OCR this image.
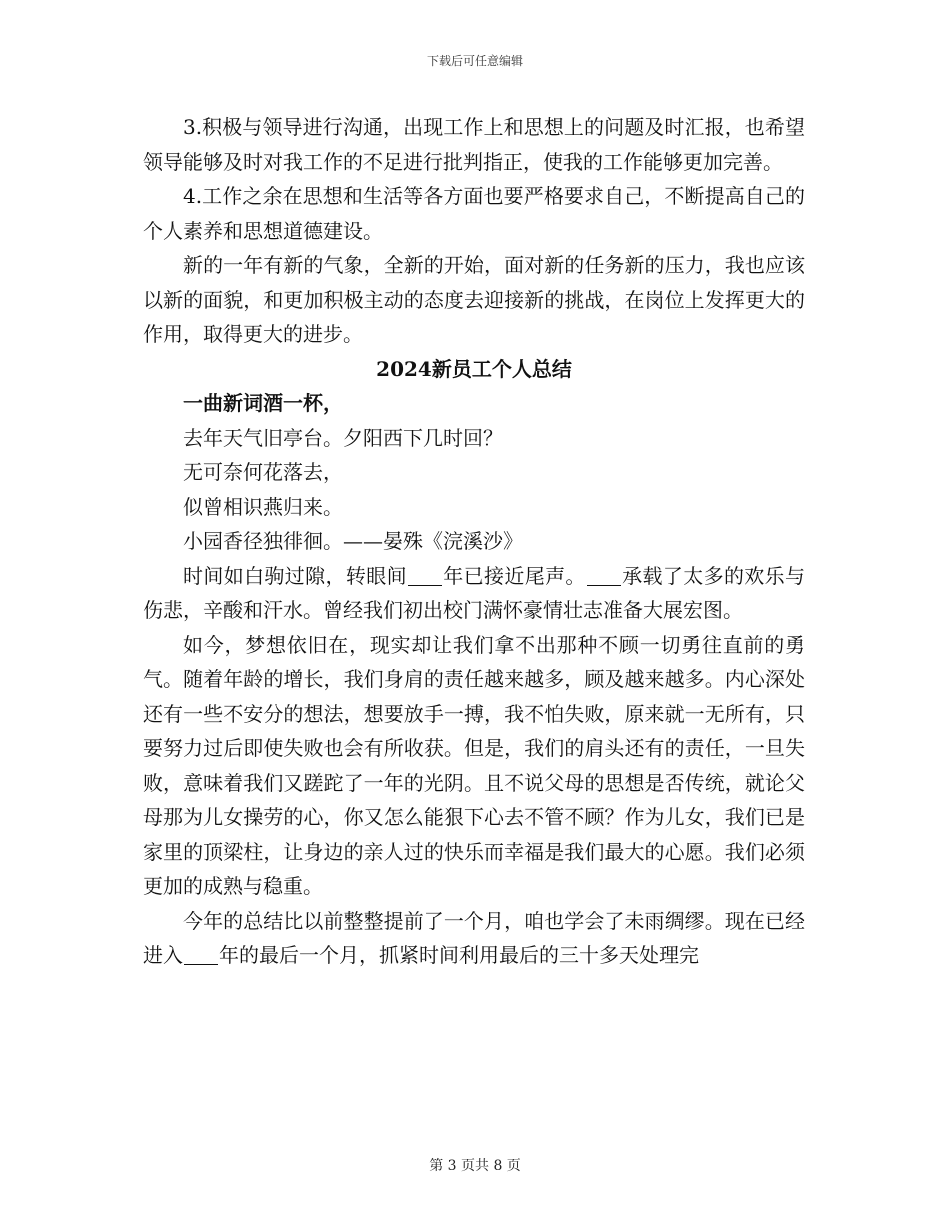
下载后可任意编辑

3.积极与领导进行沟通，出现工作上和思想上的问题及时汇报，也希望领导能够及时对我工作的不足进行批判指正，使我的工作能够更加完善。

4.工作之余在思想和生活等各方面也要严格要求自己，不断提高自己的个人素养和思想道德建设。

新的一年有新的气象，全新的开始，面对新的任务新的压力，我也应该以新的面貌，和更加积极主动的态度去迎接新的挑战，在岗位上发挥更大的作用，取得更大的进步。

2024新员工个人总结

一曲新词酒一杯，

去年天气旧亭台。夕阳西下几时回？

无可奈何花落去，

似曾相识燕归来。

小园香径独徘徊。——晏殊《浣溪沙》

时间如白驹过隙，转眼间 年已接近尾声。 承载了太多的欢乐与伤悲，辛酸和汗水。曾经我们初出校门满怀豪情壮志准备大展宏图。

如今，梦想依旧在，现实却让我们拿不出那种不顾一切勇往直前的勇气。随着年龄的增长，我们身肩的责任越来越多，顾及越来越多。内心深处还有一些不安分的想法，想要放手一搏，我不怕失败，原来就一无所有，只要努力过后即使失败也会有所收获。但是，我们的肩头还有的责任，一旦失败，意味着我们又蹉跎了一年的光阴。且不说父母的思想是否传统，就论父母那为儿女操劳的心，你又怎么能狠下心去不管不顾？作为儿女，我们已是家里的顶梁柱，让身边的亲人过的快乐而幸福是我们最大的心愿。我们必须更加的成熟与稳重。

今年的总结比以前整整提前了一个月，咱也学会了未雨绸缪。现在已经进入 年的最后一个月，抓紧时间利用最后的三十多天处理完

第 3 页共 8 页
